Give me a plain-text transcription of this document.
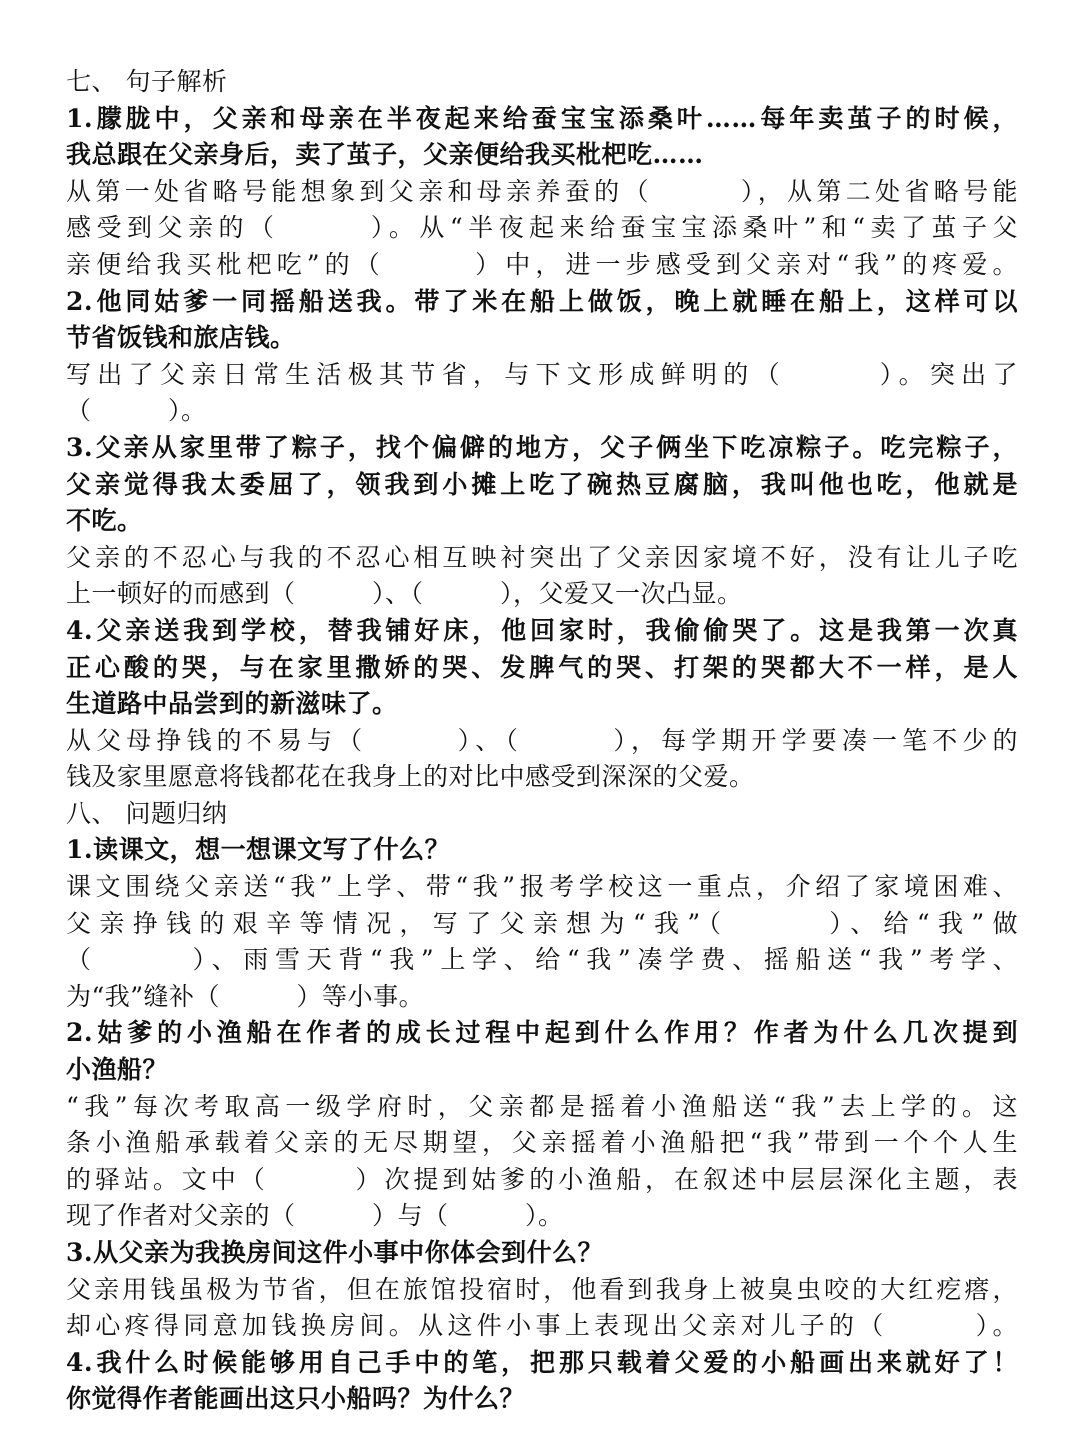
七、 句子解析
1.朦胧中，父亲和母亲在半夜起来给蚕宝宝添桑叶……每年卖茧子的时候，
我总跟在父亲身后，卖了茧子，父亲便给我买枇杷吃……
从第一处省略号能想象到父亲和母亲养蚕的（　　　），从第二处省略号能
感受到父亲的（　　　）。从“半夜起来给蚕宝宝添桑叶”和“卖了茧子父
亲便给我买枇杷吃”的（　　　）中，进一步感受到父亲对“我”的疼爱。
2.他同姑爹一同摇船送我。带了米在船上做饭，晚上就睡在船上，这样可以
节省饭钱和旅店钱。
写出了父亲日常生活极其节省，与下文形成鲜明的（　　　）。突出了
（　　　）。
3.父亲从家里带了粽子，找个偏僻的地方，父子俩坐下吃凉粽子。吃完粽子，
父亲觉得我太委屈了，领我到小摊上吃了碗热豆腐脑，我叫他也吃，他就是
不吃。
父亲的不忍心与我的不忍心相互映衬突出了父亲因家境不好，没有让儿子吃
上一顿好的而感到（　　　）、（　　　），父爱又一次凸显。
4.父亲送我到学校，替我铺好床，他回家时，我偷偷哭了。这是我第一次真
正心酸的哭，与在家里撒娇的哭、发脾气的哭、打架的哭都大不一样，是人
生道路中品尝到的新滋味了。
从父母挣钱的不易与（　　　）、（　　　），每学期开学要凑一笔不少的
钱及家里愿意将钱都花在我身上的对比中感受到深深的父爱。
八、 问题归纳
1.读课文，想一想课文写了什么？
课文围绕父亲送“我”上学、带“我”报考学校这一重点，介绍了家境困难、
父亲挣钱的艰辛等情况，写了父亲想为“我”（　　　）、给“我”做
（　　　）、雨雪天背“我”上学、给“我”凑学费、摇船送“我”考学、
为“我”缝补（　　　）等小事。
2.姑爹的小渔船在作者的成长过程中起到什么作用？作者为什么几次提到
小渔船？
“我”每次考取高一级学府时，父亲都是摇着小渔船送“我”去上学的。这
条小渔船承载着父亲的无尽期望，父亲摇着小渔船把“我”带到一个个人生
的驿站。文中（　　　）次提到姑爹的小渔船，在叙述中层层深化主题，表
现了作者对父亲的（　　　）与（　　　）。
3.从父亲为我换房间这件小事中你体会到什么？
父亲用钱虽极为节省，但在旅馆投宿时，他看到我身上被臭虫咬的大红疙瘩，
却心疼得同意加钱换房间。从这件小事上表现出父亲对儿子的（　　　）。
4.我什么时候能够用自己手中的笔，把那只载着父爱的小船画出来就好了！
你觉得作者能画出这只小船吗？为什么？
